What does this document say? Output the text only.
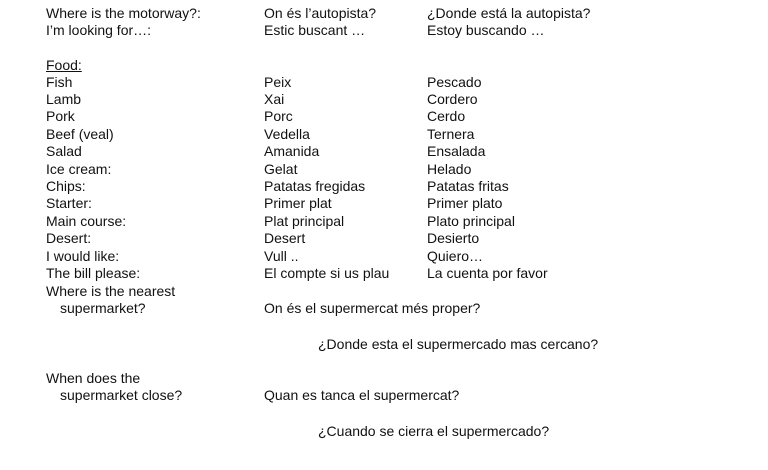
Where is the motorway?:	On és l’autopista?	¿Donde está la autopista?
I’m looking for…:	Estic buscant …	Estoy buscando …
Food:
Fish	Peix	Pescado
Lamb	Xai	Cordero
Pork	Porc	Cerdo
Beef (veal)	Vedella	Ternera
Salad	Amanida	Ensalada
Ice cream:	Gelat	Helado
Chips:	Patatas fregidas	Patatas fritas
Starter:	Primer plat	Primer plato
Main course:	Plat principal	Plato principal
Desert:	Desert	Desierto
I would like:	Vull ..	Quiero…
The bill please:	El compte si us plau	La cuenta por favor
Where is the nearest
supermarket?	On és el supermercat més proper?
¿Donde esta el supermercado mas cercano?
When does the
supermarket close?	Quan es tanca el supermercat?
¿Cuando se cierra el supermercado?
